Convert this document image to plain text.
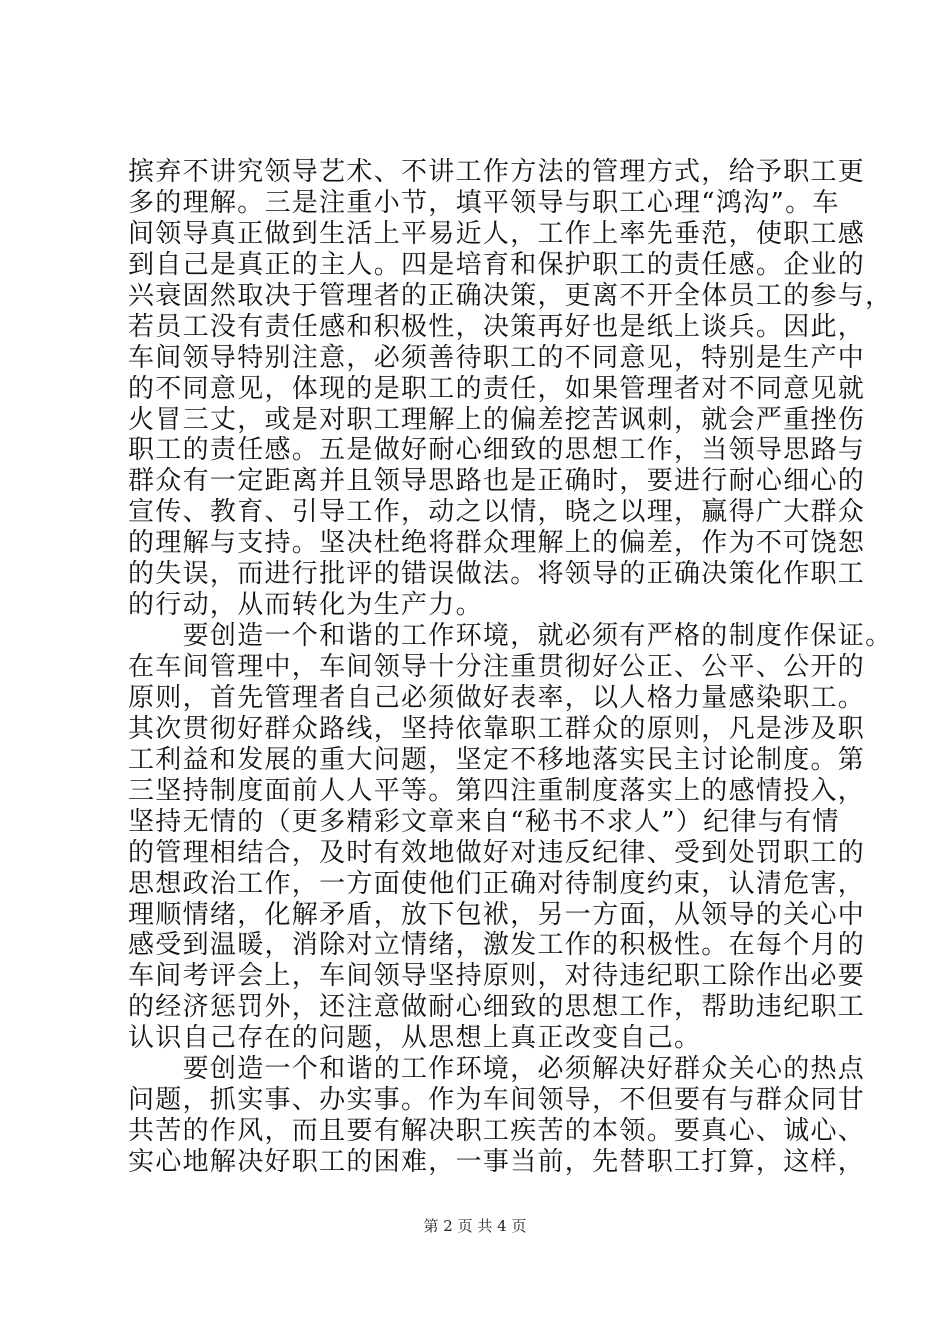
摈弃不讲究领导艺术、不讲工作方法的管理方式，给予职工更
多的理解。三是注重小节，填平领导与职工心理“鸿沟”。车
间领导真正做到生活上平易近人，工作上率先垂范，使职工感
到自己是真正的主人。四是培育和保护职工的责任感。企业的
兴衰固然取决于管理者的正确决策，更离不开全体员工的参与，
若员工没有责任感和积极性，决策再好也是纸上谈兵。因此，
车间领导特别注意，必须善待职工的不同意见，特别是生产中
的不同意见，体现的是职工的责任，如果管理者对不同意见就
火冒三丈，或是对职工理解上的偏差挖苦讽刺，就会严重挫伤
职工的责任感。五是做好耐心细致的思想工作，当领导思路与
群众有一定距离并且领导思路也是正确时，要进行耐心细心的
宣传、教育、引导工作，动之以情，晓之以理，赢得广大群众
的理解与支持。坚决杜绝将群众理解上的偏差，作为不可饶恕
的失误，而进行批评的错误做法。将领导的正确决策化作职工
的行动，从而转化为生产力。
　　要创造一个和谐的工作环境，就必须有严格的制度作保证。
在车间管理中，车间领导十分注重贯彻好公正、公平、公开的
原则，首先管理者自己必须做好表率，以人格力量感染职工。
其次贯彻好群众路线，坚持依靠职工群众的原则，凡是涉及职
工利益和发展的重大问题，坚定不移地落实民主讨论制度。第
三坚持制度面前人人平等。第四注重制度落实上的感情投入，
坚持无情的（更多精彩文章来自“秘书不求人”）纪律与有情
的管理相结合，及时有效地做好对违反纪律、受到处罚职工的
思想政治工作，一方面使他们正确对待制度约束，认清危害，
理顺情绪，化解矛盾，放下包袱，另一方面，从领导的关心中
感受到温暖，消除对立情绪，激发工作的积极性。在每个月的
车间考评会上，车间领导坚持原则，对待违纪职工除作出必要
的经济惩罚外，还注意做耐心细致的思想工作，帮助违纪职工
认识自己存在的问题，从思想上真正改变自己。
　　要创造一个和谐的工作环境，必须解决好群众关心的热点
问题，抓实事、办实事。作为车间领导，不但要有与群众同甘
共苦的作风，而且要有解决职工疾苦的本领。要真心、诚心、
实心地解决好职工的困难，一事当前，先替职工打算，这样，
第 2 页 共 4 页
